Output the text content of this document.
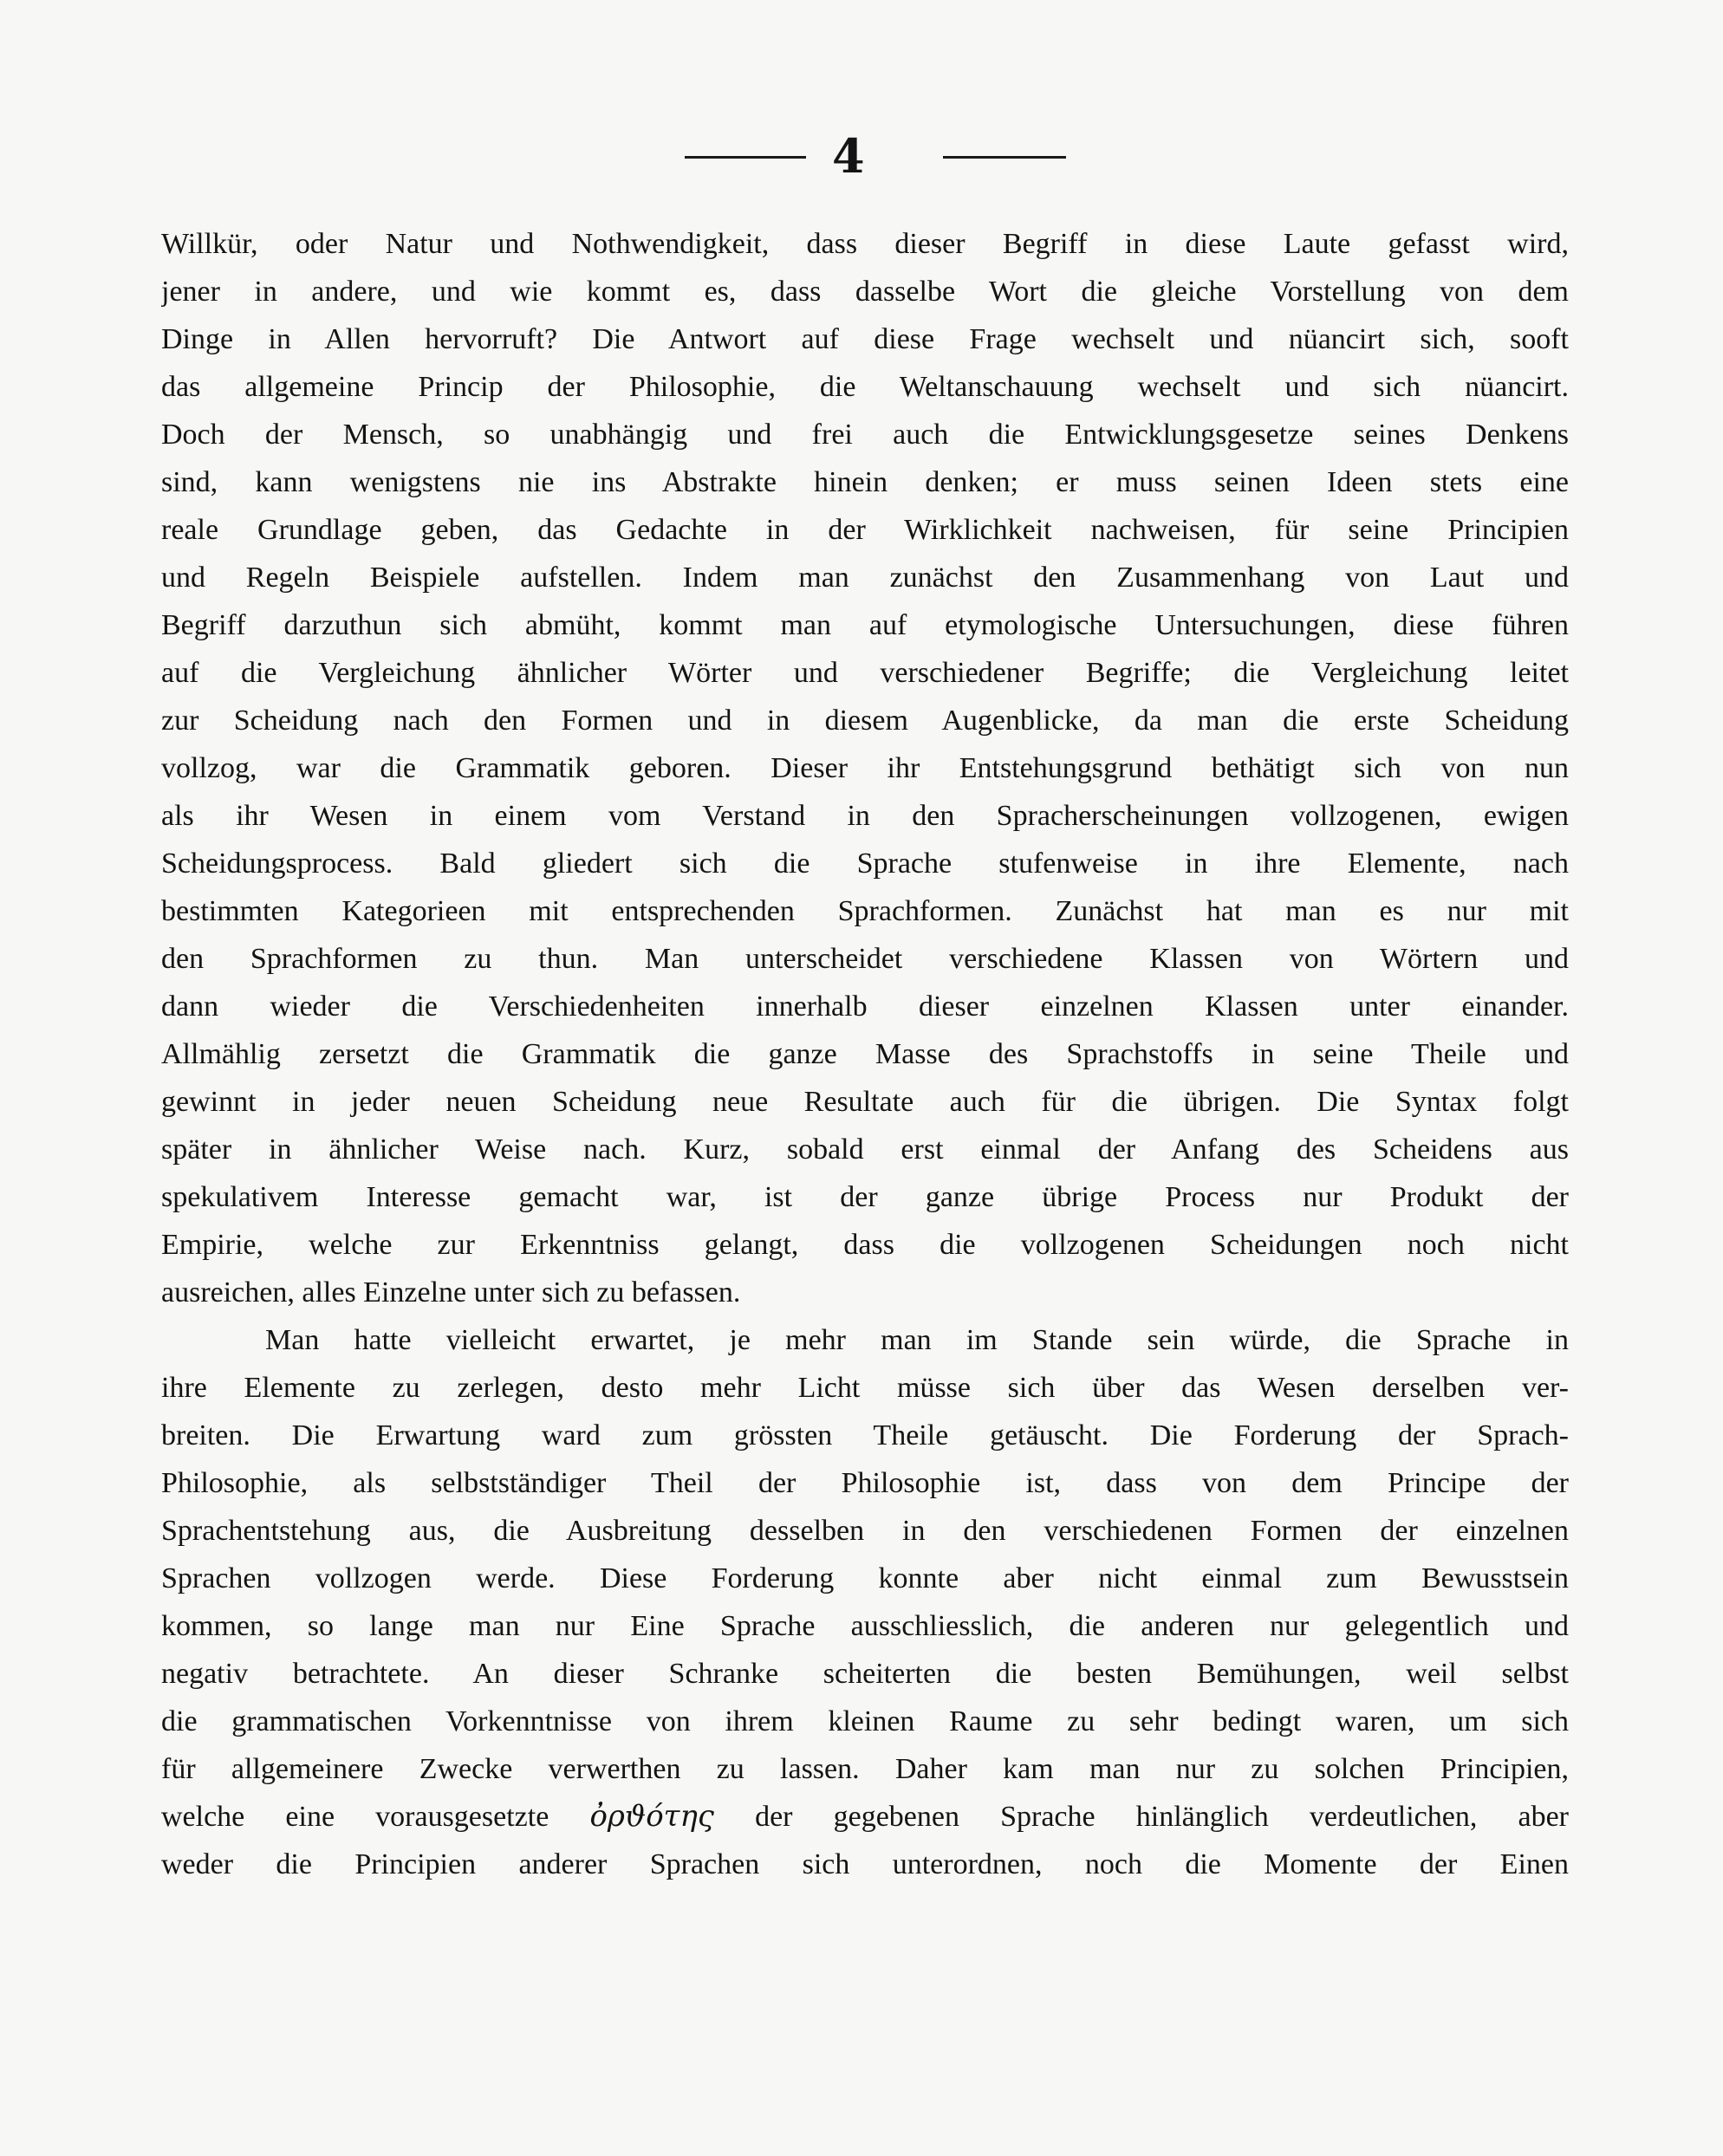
4
Willkür, oder Natur und Nothwendigkeit, dass dieser Begriff in diese Laute gefasst wird,
jener in andere, und wie kommt es, dass dasselbe Wort die gleiche Vorstellung von dem
Dinge in Allen hervorruft? Die Antwort auf diese Frage wechselt und nüancirt sich, sooft
das allgemeine Princip der Philosophie, die Weltanschauung wechselt und sich nüancirt.
Doch der Mensch, so unabhängig und frei auch die Entwicklungsgesetze seines Denkens
sind, kann wenigstens nie ins Abstrakte hinein denken; er muss seinen Ideen stets eine
reale Grundlage geben, das Gedachte in der Wirklichkeit nachweisen, für seine Principien
und Regeln Beispiele aufstellen. Indem man zunächst den Zusammenhang von Laut und
Begriff darzuthun sich abmüht, kommt man auf etymologische Untersuchungen, diese führen
auf die Vergleichung ähnlicher Wörter und verschiedener Begriffe; die Vergleichung leitet
zur Scheidung nach den Formen und in diesem Augenblicke, da man die erste Scheidung
vollzog, war die Grammatik geboren. Dieser ihr Entstehungsgrund bethätigt sich von nun
als ihr Wesen in einem vom Verstand in den Spracherscheinungen vollzogenen, ewigen
Scheidungsprocess. Bald gliedert sich die Sprache stufenweise in ihre Elemente, nach
bestimmten Kategorieen mit entsprechenden Sprachformen. Zunächst hat man es nur mit
den Sprachformen zu thun. Man unterscheidet verschiedene Klassen von Wörtern und
dann wieder die Verschiedenheiten innerhalb dieser einzelnen Klassen unter einander.
Allmählig zersetzt die Grammatik die ganze Masse des Sprachstoffs in seine Theile und
gewinnt in jeder neuen Scheidung neue Resultate auch für die übrigen. Die Syntax folgt
später in ähnlicher Weise nach. Kurz, sobald erst einmal der Anfang des Scheidens aus
spekulativem Interesse gemacht war, ist der ganze übrige Process nur Produkt der
Empirie, welche zur Erkenntniss gelangt, dass die vollzogenen Scheidungen noch nicht
ausreichen, alles Einzelne unter sich zu befassen.
Man hatte vielleicht erwartet, je mehr man im Stande sein würde, die Sprache in
ihre Elemente zu zerlegen, desto mehr Licht müsse sich über das Wesen derselben ver-
breiten. Die Erwartung ward zum grössten Theile getäuscht. Die Forderung der Sprach-
Philosophie, als selbstständiger Theil der Philosophie ist, dass von dem Principe der
Sprachentstehung aus, die Ausbreitung desselben in den verschiedenen Formen der einzelnen
Sprachen vollzogen werde. Diese Forderung konnte aber nicht einmal zum Bewusstsein
kommen, so lange man nur Eine Sprache ausschliesslich, die anderen nur gelegentlich und
negativ betrachtete. An dieser Schranke scheiterten die besten Bemühungen, weil selbst
die grammatischen Vorkenntnisse von ihrem kleinen Raume zu sehr bedingt waren, um sich
für allgemeinere Zwecke verwerthen zu lassen. Daher kam man nur zu solchen Principien,
welche eine vorausgesetzte ὀρϑότης der gegebenen Sprache hinlänglich verdeutlichen, aber
weder die Principien anderer Sprachen sich unterordnen, noch die Momente der Einen
